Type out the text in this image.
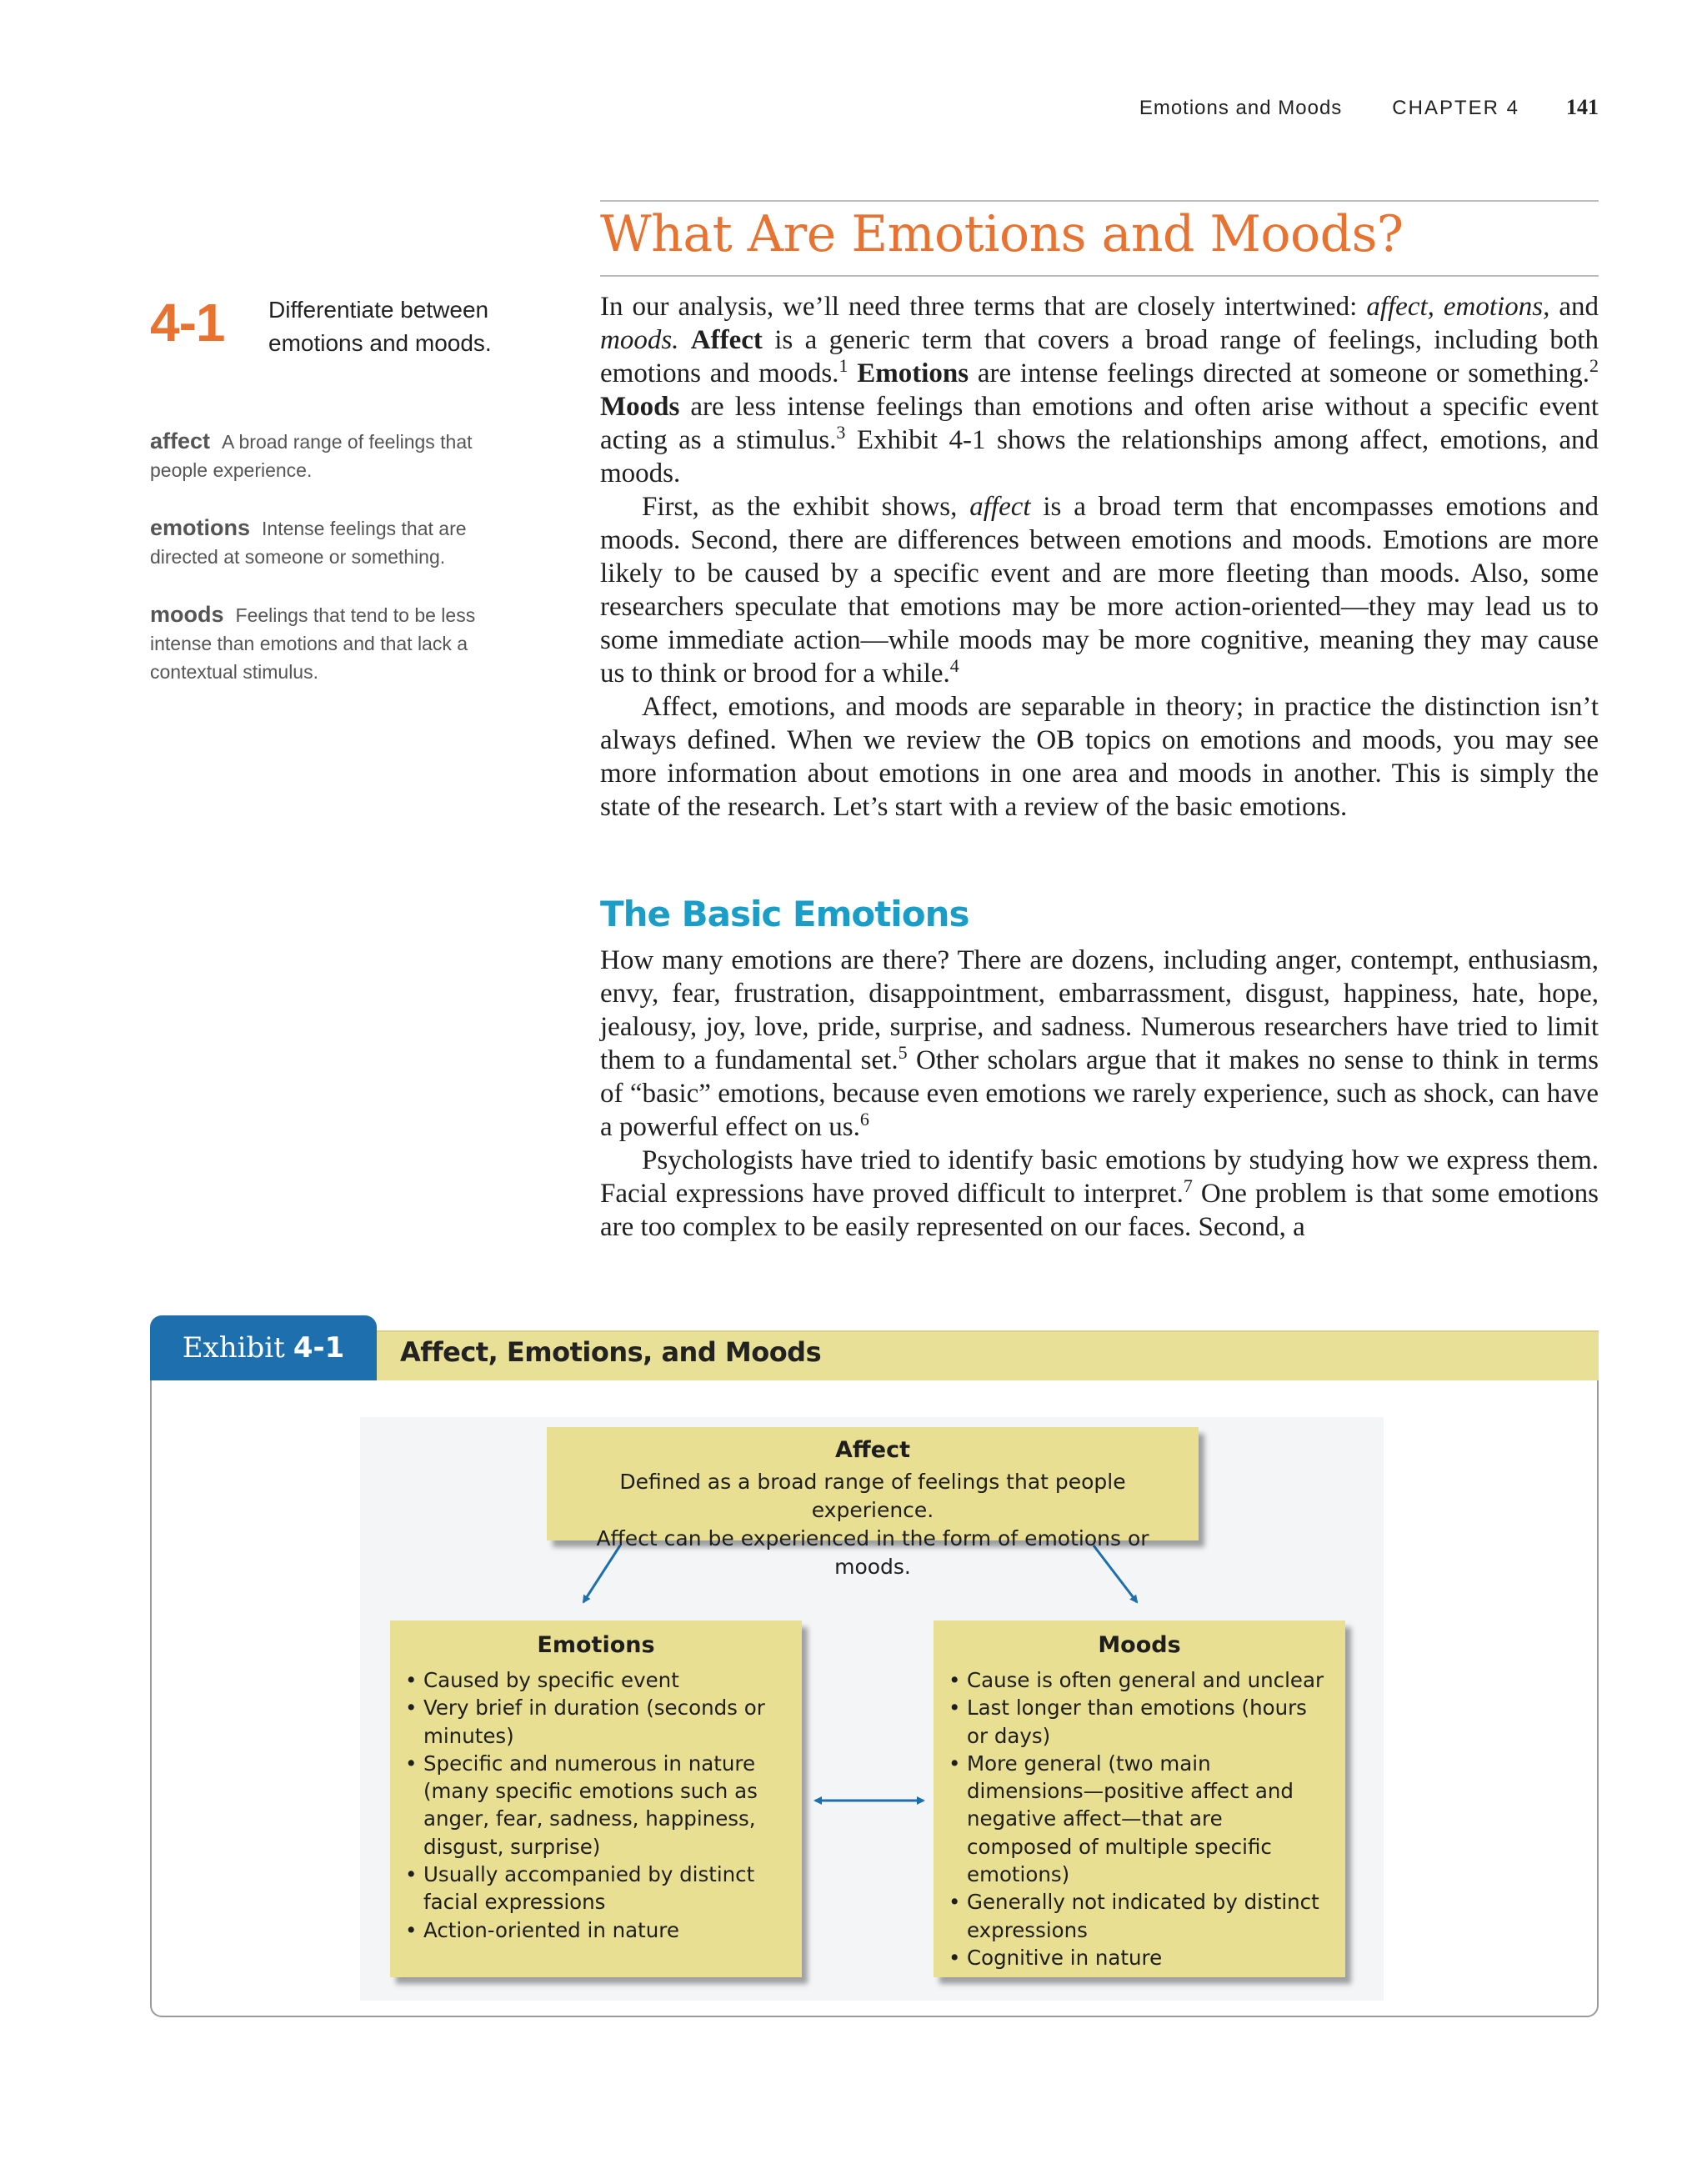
Emotions and Moods	CHAPTER 4 141
What Are Emotions and Moods?
4-1 Differentiate between emotions and moods.
affect A broad range of feelings that people experience.
emotions Intense feelings that are directed at someone or something.
moods Feelings that tend to be less intense than emotions and that lack a contextual stimulus.

In our analysis, we’ll need three terms that are closely intertwined: affect, emotions, and moods. Affect is a generic term that covers a broad range of feelings, including both emotions and moods.$^1$ Emotions are intense feelings directed at someone or something.$^2$ Moods are less intense feelings than emotions and often arise without a specific event acting as a stimulus.$^3$ Exhibit 4-1 shows the relationships among affect, emotions, and moods.

First, as the exhibit shows, affect is a broad term that encompasses emotions and moods. Second, there are differences between emotions and moods. Emotions are more likely to be caused by a specific event and are more fleeting than moods. Also, some researchers speculate that emotions may be more action-oriented—they may lead us to some immediate action—while moods may be more cognitive, meaning they may cause us to think or brood for a while.$^4$

Affect, emotions, and moods are separable in theory; in practice the distinction isn’t always defined. When we review the OB topics on emotions and moods, you may see more information about emotions in one area and moods in another. This is simply the state of the research. Let’s start with a review of the basic emotions.

The Basic Emotions

How many emotions are there? There are dozens, including anger, contempt, enthusiasm, envy, fear, frustration, disappointment, embarrassment, disgust, happiness, hate, hope, jealousy, joy, love, pride, surprise, and sadness. Numerous researchers have tried to limit them to a fundamental set.$^5$ Other scholars argue that it makes no sense to think in terms of “basic” emotions, because even emotions we rarely experience, such as shock, can have a powerful effect on us.$^6$

Psychologists have tried to identify basic emotions by studying how we express them. Facial expressions have proved difficult to interpret.$^7$ One problem is that some emotions are too complex to be easily represented on our faces. Second, a

Exhibit 4-1 Affect, Emotions, and Moods
Affect

Defined as a broad range of feelings that people experience.
Affect can be experienced in the form of emotions or moods.

Emotions
• Caused by specific event
• Very brief in duration (seconds or minutes)
• Specific and numerous in nature (many specific emotions such as anger, fear, sadness, happiness, disgust, surprise)
• Usually accompanied by distinct facial expressions
• Action-oriented in nature
Moods
• Cause is often general and unclear
• Last longer than emotions (hours or days)
• More general (two main dimensions—positive affect and negative affect—that are composed of multiple specific emotions)
• Generally not indicated by distinct expressions
• Cognitive in nature
